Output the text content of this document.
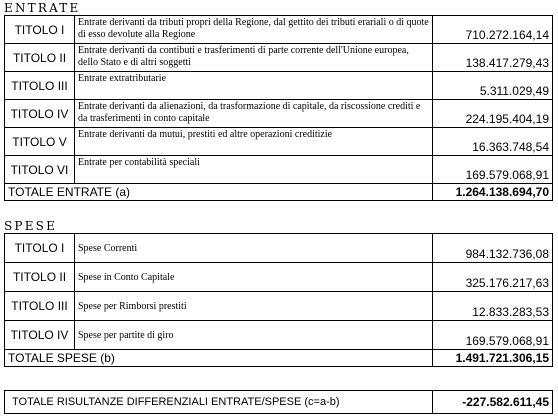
ENTRATE
TITOLO I	Entrate derivanti da tributi propri della Regione, dal gettito dei tributi erariali o di quote di esso devolute alla Regione	710.272.164,14
TITOLO II	Entrate derivanti da contibuti e trasferimenti di parte corrente dell'Unione europea, dello Stato e di altri soggetti	138.417.279,43
TITOLO III	Entrate extratributarie	5.311.029,49
TITOLO IV	Entrate derivanti da alienazioni, da trasformazione di capitale, da riscossione crediti e da trasferimenti in conto capitale	224.195.404,19
TITOLO V	Entrate derivanti da mutui, prestiti ed altre operazioni creditizie	16.363.748,54
TITOLO VI	Entrate per contabilità speciali	169.579.068,91
TOTALE ENTRATE (a)		1.264.138.694,70
SPESE
TITOLO I	Spese Correnti	984.132.736,08
TITOLO II	Spese in Conto Capitale	325.176.217,63
TITOLO III	Spese per Rimborsi prestiti	12.833.283,53
TITOLO IV	Spese per partite di giro	169.579.068,91
TOTALE SPESE (b)		1.491.721.306,15
TOTALE RISULTANZE DIFFERENZIALI ENTRATE/SPESE (c=a-b)	-227.582.611,45
